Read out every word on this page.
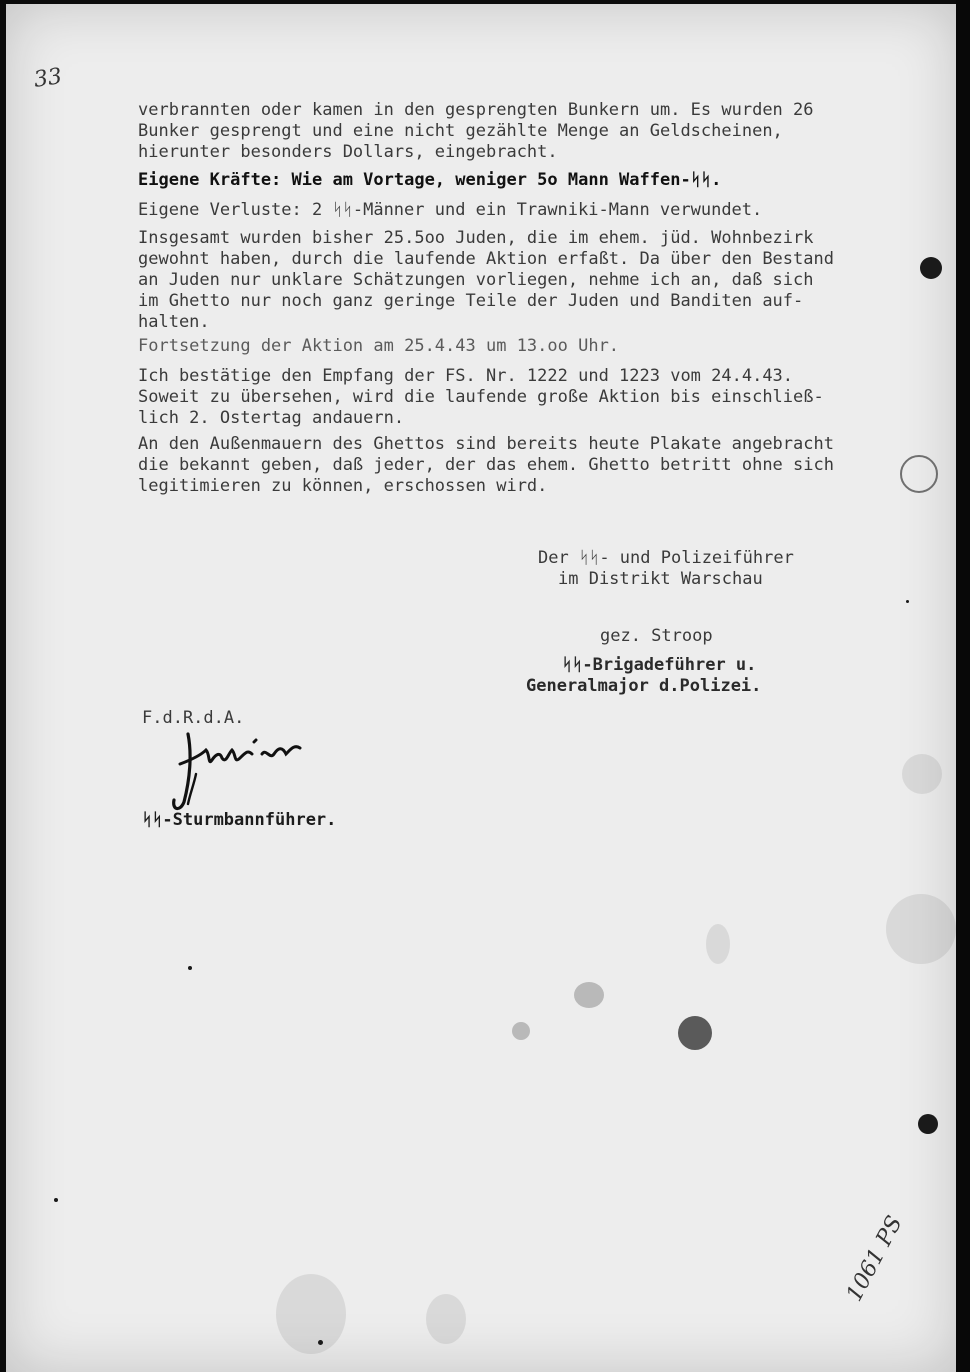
33
verbrannten oder kamen in den gesprengten Bunkern um. Es wurden 26
Bunker gesprengt und eine nicht gezählte Menge an Geldscheinen,
hierunter besonders Dollars, eingebracht.
Eigene Kräfte: Wie am Vortage, weniger 5o Mann Waffen-ᛋᛋ.
Eigene Verluste: 2 ᛋᛋ-Männer und ein Trawniki-Mann verwundet.
Insgesamt wurden bisher 25.5oo Juden, die im ehem. jüd. Wohnbezirk
gewohnt haben, durch die laufende Aktion erfaßt. Da über den Bestand
an Juden nur unklare Schätzungen vorliegen, nehme ich an, daß sich
im Ghetto nur noch ganz geringe Teile der Juden und Banditen auf-
halten.
Fortsetzung der Aktion am 25.4.43 um 13.oo Uhr.
Ich bestätige den Empfang der FS. Nr. 1222 und 1223 vom 24.4.43.
Soweit zu übersehen, wird die laufende große Aktion bis einschließ-
lich 2. Ostertag andauern.
An den Außenmauern des Ghettos sind bereits heute Plakate angebracht
die bekannt geben, daß jeder, der das ehem. Ghetto betritt ohne sich
legitimieren zu können, erschossen wird.
Der ᛋᛋ- und Polizeiführer
im Distrikt Warschau
gez. Stroop
ᛋᛋ-Brigadeführer u.
Generalmajor d.Polizei.
F.d.R.d.A.
ᛋᛋ-Sturmbannführer.
1061 PS
